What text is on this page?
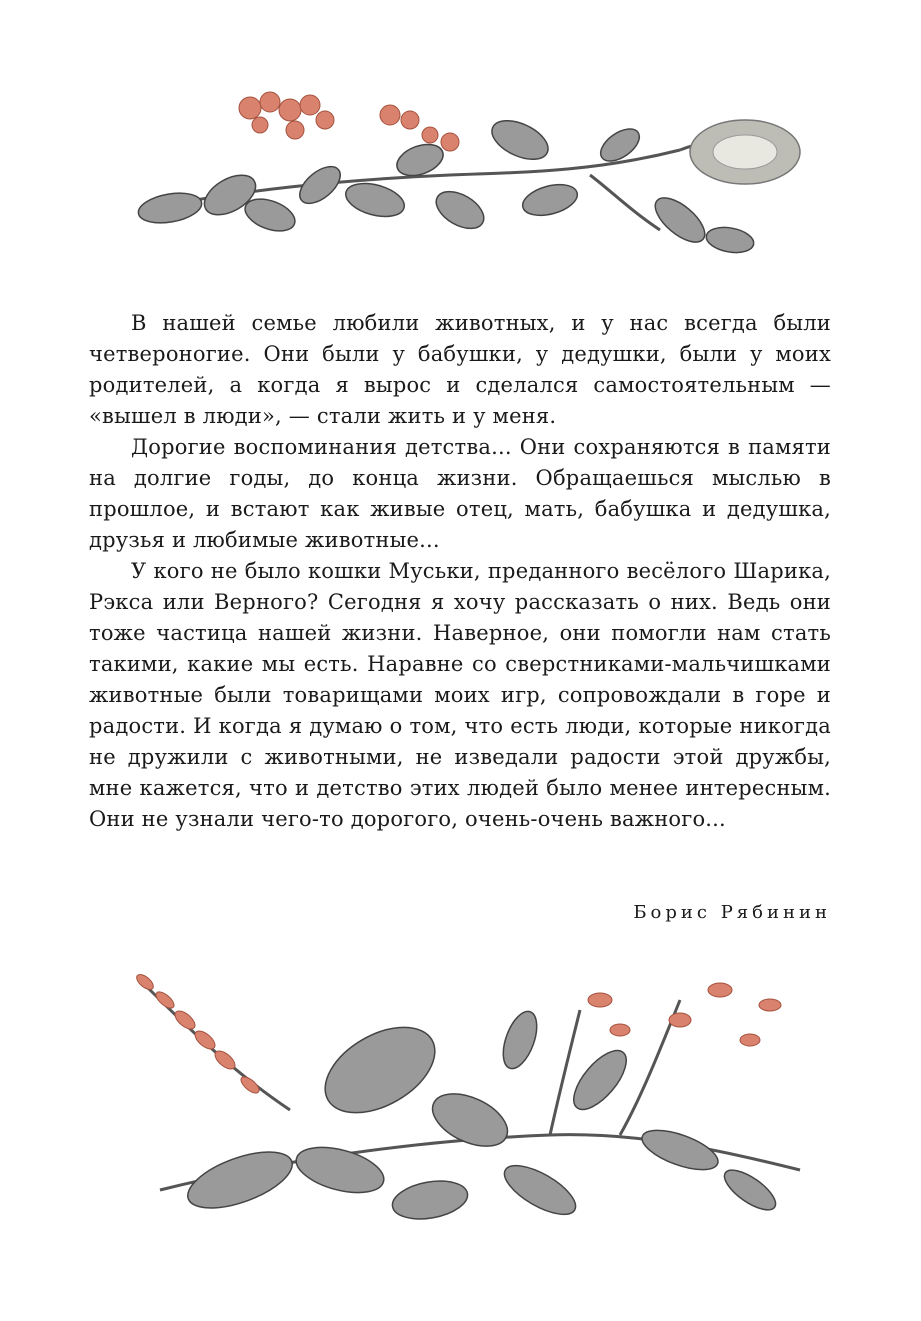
В нашей семье любили животных, и у нас всегда были четвероногие. Они были у бабушки, у дедушки, были у моих родителей, а когда я вырос и сделался самостоятельным — «вышел в люди», — стали жить и у меня.

Дорогие воспоминания детства... Они сохраняются в памяти на долгие годы, до конца жизни. Обращаешься мыслью в прошлое, и встают как живые отец, мать, бабушка и дедушка, друзья и любимые животные...

У кого не было кошки Муськи, преданного весёлого Шарика, Рэкса или Верного? Сегодня я хочу рассказать о них. Ведь они тоже частица нашей жизни. Наверное, они помогли нам стать такими, какие мы есть. Наравне со сверстниками-мальчишками животные были товарищами моих игр, сопровождали в горе и радости. И когда я думаю о том, что есть люди, которые никогда не дружили с животными, не изведали радости этой дружбы, мне кажется, что и детство этих людей было менее интересным. Они не узнали чего-то дорогого, очень-очень важного...

Борис Рябинин
